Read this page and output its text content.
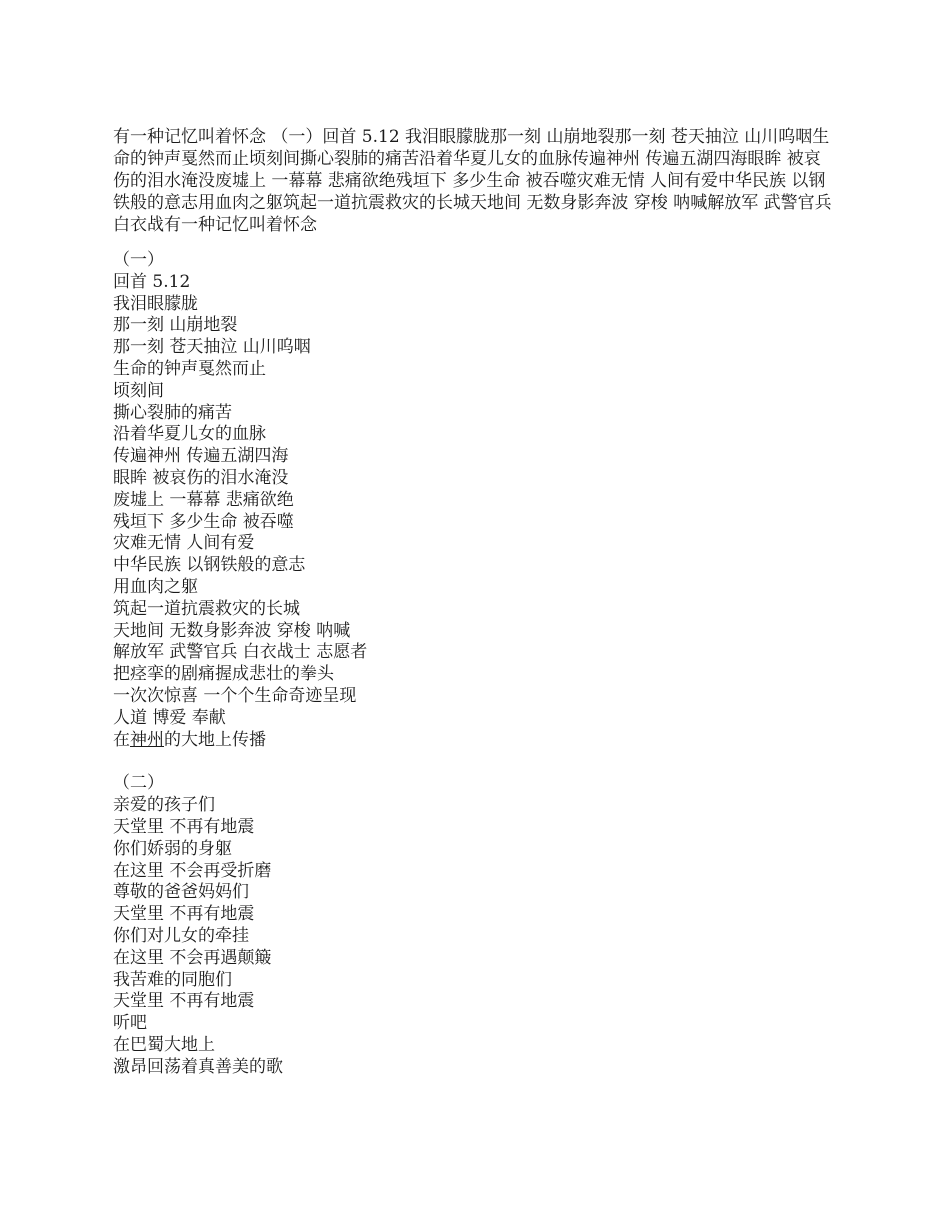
有一种记忆叫着怀念 （一）回首 5.12 我泪眼朦胧那一刻 山崩地裂那一刻 苍天抽泣 山川呜咽生命的钟声戛然而止顷刻间撕心裂肺的痛苦沿着华夏儿女的血脉传遍神州 传遍五湖四海眼眸 被哀伤的泪水淹没废墟上 一幕幕 悲痛欲绝残垣下 多少生命 被吞噬灾难无情 人间有爱中华民族 以钢铁般的意志用血肉之躯筑起一道抗震救灾的长城天地间 无数身影奔波 穿梭 呐喊解放军 武警官兵 白衣战有一种记忆叫着怀念

（一）

回首 5.12

我泪眼朦胧

那一刻 山崩地裂

那一刻 苍天抽泣 山川呜咽

生命的钟声戛然而止

顷刻间

撕心裂肺的痛苦

沿着华夏儿女的血脉

传遍神州 传遍五湖四海

眼眸 被哀伤的泪水淹没

废墟上 一幕幕 悲痛欲绝

残垣下 多少生命 被吞噬

灾难无情 人间有爱

中华民族 以钢铁般的意志

用血肉之躯

筑起一道抗震救灾的长城

天地间 无数身影奔波 穿梭 呐喊

解放军 武警官兵 白衣战士 志愿者

把痉挛的剧痛握成悲壮的拳头

一次次惊喜 一个个生命奇迹呈现

人道 博爱 奉献

在神州的大地上传播

（二）

亲爱的孩子们

天堂里 不再有地震

你们娇弱的身躯

在这里 不会再受折磨

尊敬的爸爸妈妈们

天堂里 不再有地震

你们对儿女的牵挂

在这里 不会再遇颠簸

我苦难的同胞们

天堂里 不再有地震

听吧

在巴蜀大地上

激昂回荡着真善美的歌
